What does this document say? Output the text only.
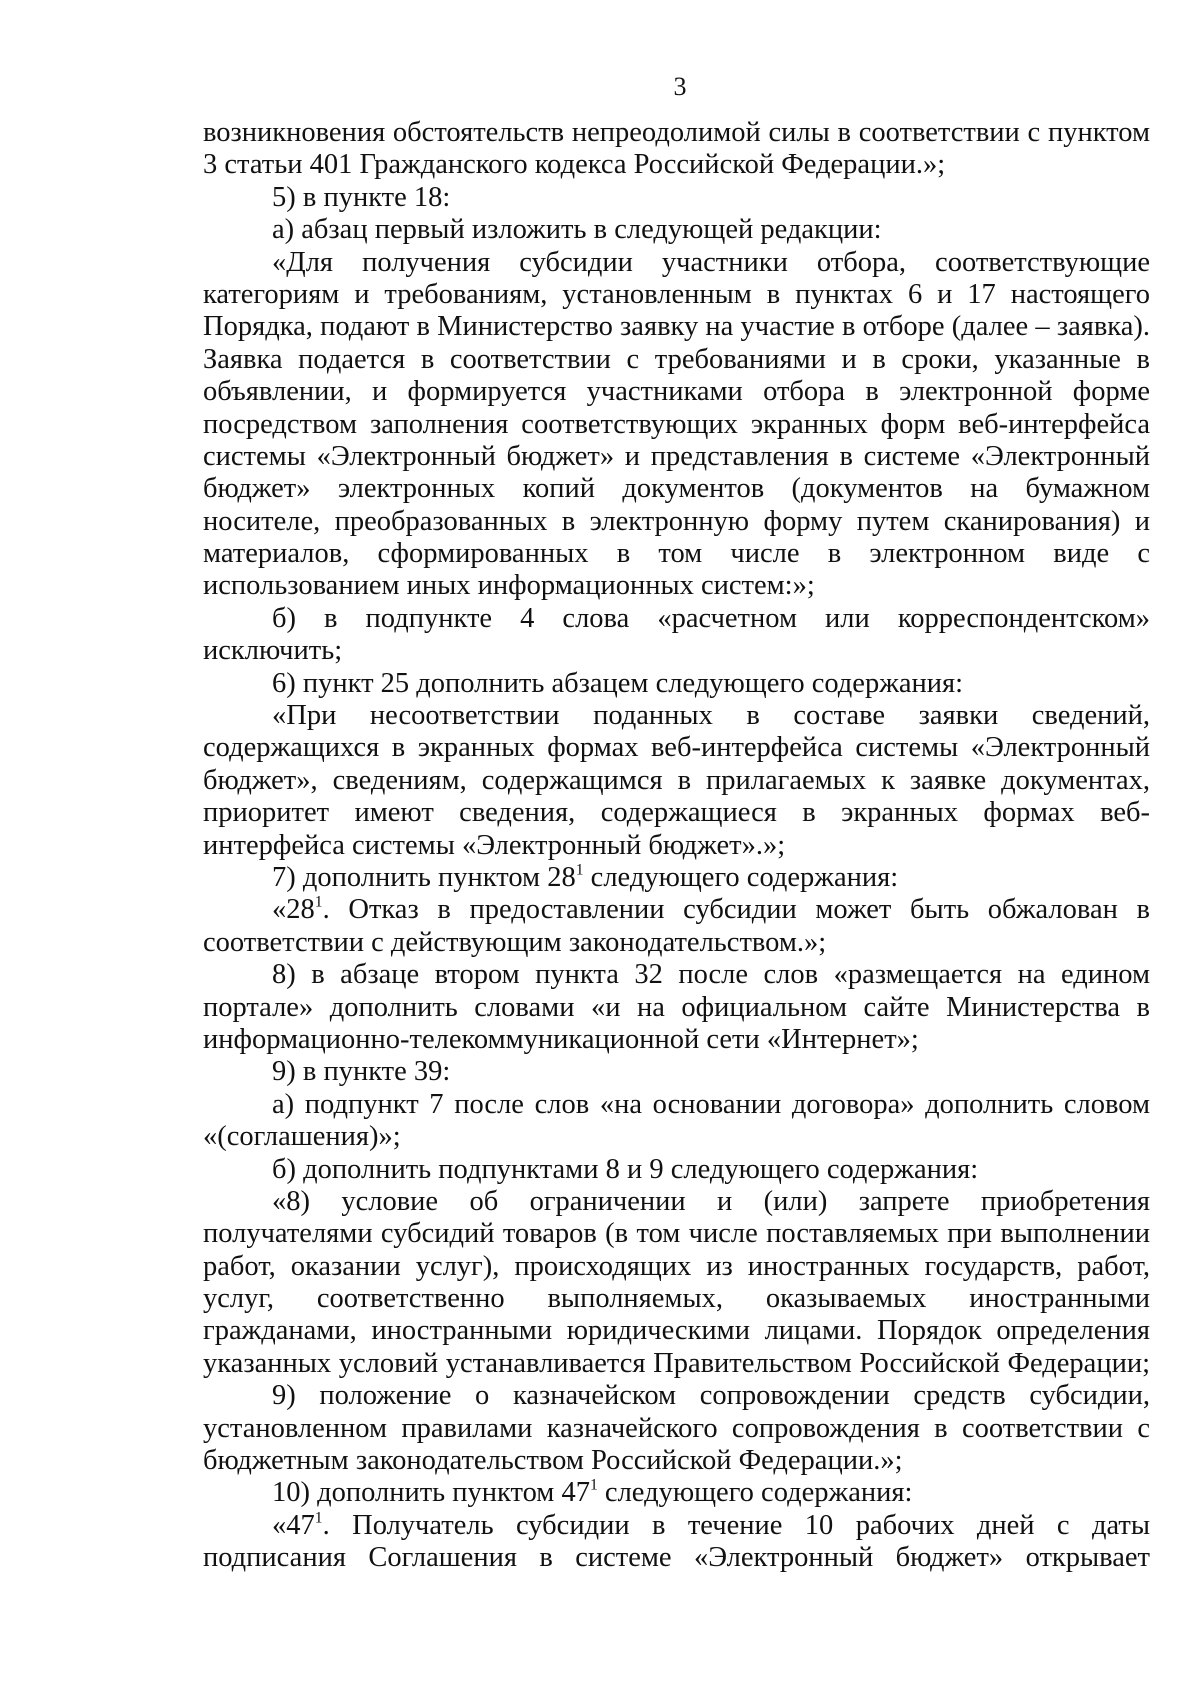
3
возникновения обстоятельств непреодолимой силы в соответствии с пунктом
3 статьи 401 Гражданского кодекса Российской Федерации.»;
5) в пункте 18:
а) абзац первый изложить в следующей редакции:
«Для получения субсидии участники отбора, соответствующие
категориям и требованиям, установленным в пунктах 6 и 17 настоящего
Порядка, подают в Министерство заявку на участие в отборе (далее – заявка).
Заявка подается в соответствии с требованиями и в сроки, указанные в
объявлении, и формируется участниками отбора в электронной форме
посредством заполнения соответствующих экранных форм веб-интерфейса
системы «Электронный бюджет» и представления в системе «Электронный
бюджет» электронных копий документов (документов на бумажном
носителе, преобразованных в электронную форму путем сканирования) и
материалов, сформированных в том числе в электронном виде с
использованием иных информационных систем:»;
б) в подпункте 4 слова «расчетном или корреспондентском»
исключить;
6) пункт 25 дополнить абзацем следующего содержания:
«При несоответствии поданных в составе заявки сведений,
содержащихся в экранных формах веб-интерфейса системы «Электронный
бюджет», сведениям, содержащимся в прилагаемых к заявке документах,
приоритет имеют сведения, содержащиеся в экранных формах веб-
интерфейса системы «Электронный бюджет».»;
7) дополнить пунктом $28^1$ следующего содержания:
«$28^1$. Отказ в предоставлении субсидии может быть обжалован в
соответствии с действующим законодательством.»;
8) в абзаце втором пункта 32 после слов «размещается на едином
портале» дополнить словами «и на официальном сайте Министерства в
информационно-телекоммуникационной сети «Интернет»;
9) в пункте 39:
а) подпункт 7 после слов «на основании договора» дополнить словом
«(соглашения)»;
б) дополнить подпунктами 8 и 9 следующего содержания:
«8) условие об ограничении и (или) запрете приобретения
получателями субсидий товаров (в том числе поставляемых при выполнении
работ, оказании услуг), происходящих из иностранных государств, работ,
услуг, соответственно выполняемых, оказываемых иностранными
гражданами, иностранными юридическими лицами. Порядок определения
указанных условий устанавливается Правительством Российской Федерации;
9) положение о казначейском сопровождении средств субсидии,
установленном правилами казначейского сопровождения в соответствии с
бюджетным законодательством Российской Федерации.»;
10) дополнить пунктом $47^1$ следующего содержания:
«$47^1$. Получатель субсидии в течение 10 рабочих дней с даты
подписания Соглашения в системе «Электронный бюджет» открывает
